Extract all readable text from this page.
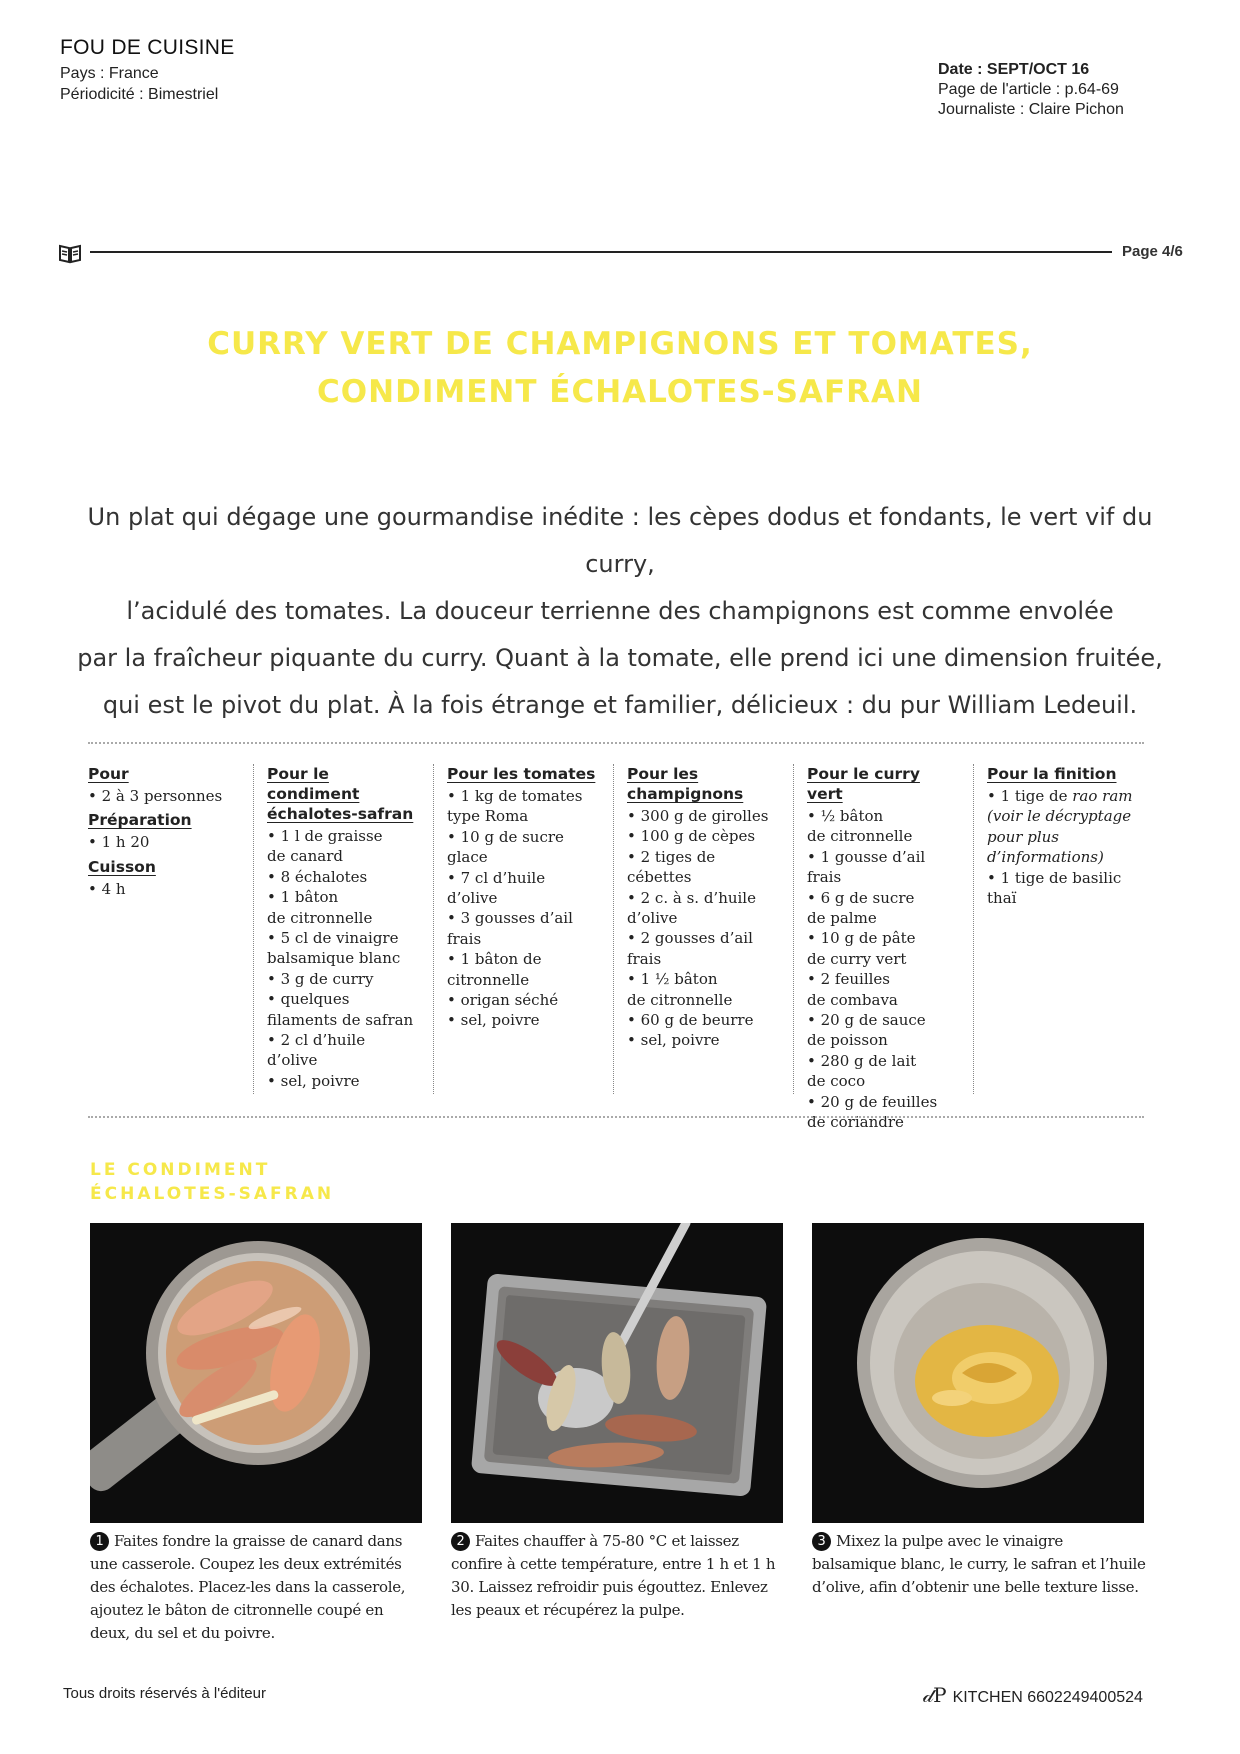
FOU DE CUISINE
Pays : France
Périodicité : Bimestriel
Date : SEPT/OCT 16
Page de l'article : p.64-69
Journaliste : Claire Pichon
Page 4/6
CURRY VERT DE CHAMPIGNONS ET TOMATES,
CONDIMENT ÉCHALOTES-SAFRAN
Un plat qui dégage une gourmandise inédite : les cèpes dodus et fondants, le vert vif du curry,
l’acidulé des tomates. La douceur terrienne des champignons est comme envolée
par la fraîcheur piquante du curry. Quant à la tomate, elle prend ici une dimension fruitée,
qui est le pivot du plat. À la fois étrange et familier, délicieux : du pur William Ledeuil.
Pour
• 2 à 3 personnes
Préparation
• 1 h 20
Cuisson
• 4 h
Pour le condiment
échalotes-safran
• 1 l de graisse
de canard
• 8 échalotes
• 1 bâton
de citronnelle
• 5 cl de vinaigre
balsamique blanc
• 3 g de curry
• quelques
filaments de safran
• 2 cl d’huile d’olive
• sel, poivre
Pour les tomates
• 1 kg de tomates
type Roma
• 10 g de sucre glace
• 7 cl d’huile d’olive
• 3 gousses d’ail
frais
• 1 bâton de
citronnelle
• origan séché
• sel, poivre
Pour les
champignons
• 300 g de girolles
• 100 g de cèpes
• 2 tiges de cébettes
• 2 c. à s. d’huile
d’olive
• 2 gousses d’ail
frais
• 1 ½ bâton
de citronnelle
• 60 g de beurre
• sel, poivre
Pour le curry vert
• ½ bâton
de citronnelle
• 1 gousse d’ail frais
• 6 g de sucre
de palme
• 10 g de pâte
de curry vert
• 2 feuilles
de combava
• 20 g de sauce
de poisson
• 280 g de lait
de coco
• 20 g de feuilles
de coriandre
Pour la finition
• 1 tige de rao ram
(voir le décryptage
pour plus
d’informations)
• 1 tige de basilic
thaï
LE CONDIMENT
ÉCHALOTES-SAFRAN
1 Faites fondre la graisse de canard dans une casserole. Coupez les deux extrémités des échalotes. Placez-les dans la casserole, ajoutez le bâton de citronnelle coupé en deux, du sel et du poivre.
2 Faites chauffer à 75-80 °C et laissez confire à cette température, entre 1 h et 1 h 30. Laissez refroidir puis égouttez. Enlevez les peaux et récupérez la pulpe.
3 Mixez la pulpe avec le vinaigre balsamique blanc, le curry, le safran et l’huile d’olive, afin d’obtenir une belle texture lisse.
Tous droits réservés à l'éditeur	𝒹P KITCHEN 6602249400524
